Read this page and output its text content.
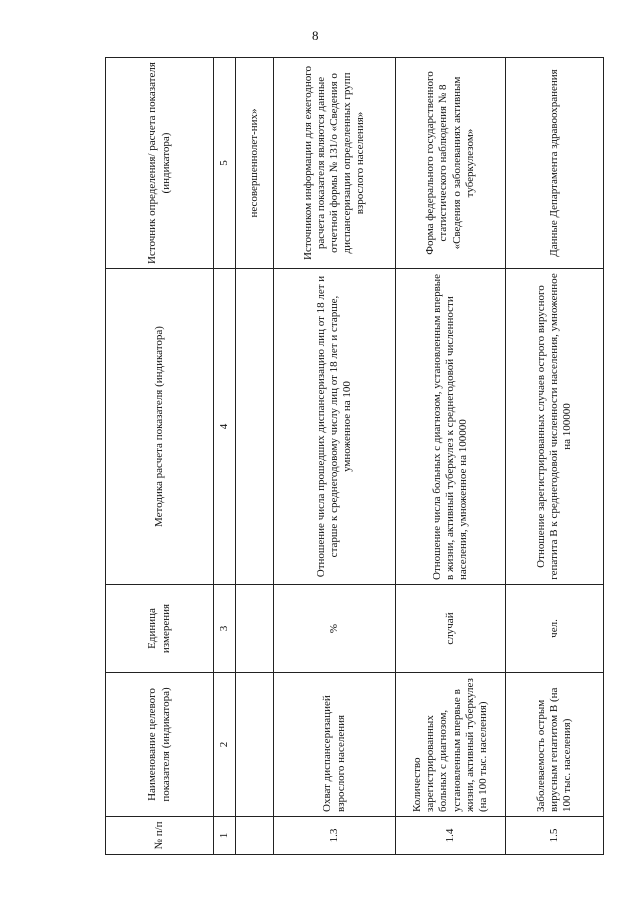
8
№ п/п	Наименование целевого показателя (индикатора)	Единица измерения	Методика расчета показателя (индикатора)	Источник определения/ расчета показателя (индикатора)
1	2	3	4	5
				несовершеннолет-них»
1.3	Охват диспансеризацией взрослого населения	%	Отношение числа прошедших диспансеризацию лиц от 18 лет и старше к среднегодовому числу лиц от 18 лет и старше, умноженное на 100	Источником информации для ежегодного расчета показателя являются данные отчетной формы № 131/о «Сведения о диспансеризации определенных групп взрослого населения»
1.4	Количество зарегистрированных больных с диагнозом, установленным впервые в жизни, активный туберкулез (на 100 тыс. населения)	случай	Отношение числа больных с диагнозом, установленным впервые в жизни, активный туберкулез к среднегодовой численности населения, умноженное на 100000	Форма федерального государственного статистического наблюдения № 8 «Сведения о заболеваниях активным туберкулезом»
1.5	Заболеваемость острым вирусным гепатитом В (на 100 тыс. населения)	чел.	Отношение зарегистрированных случаев острого вирусного гепатита В к среднегодовой численности населения, умноженное на 100000	Данные Департамента здравоохранения
